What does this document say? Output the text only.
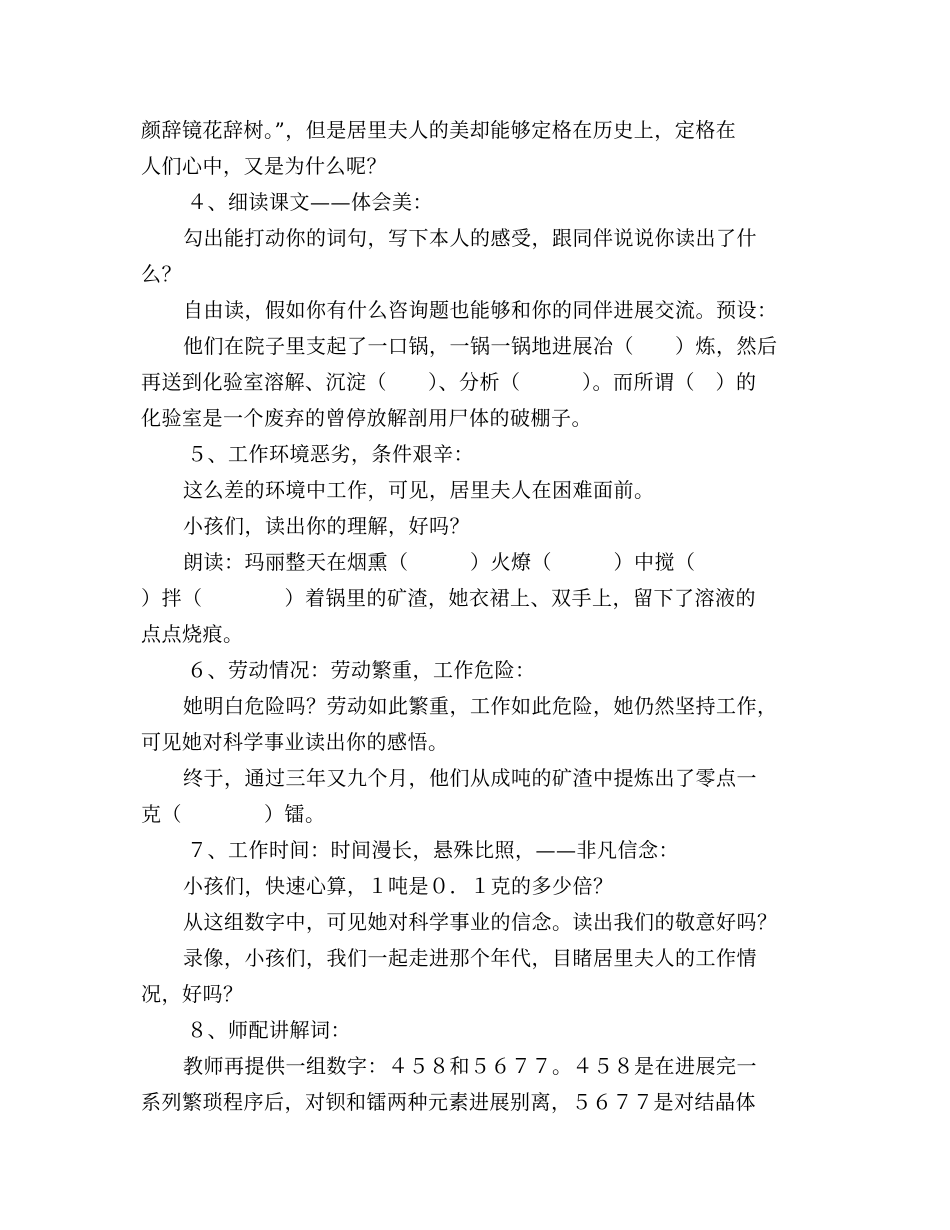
颜辞镜花辞树。”，但是居里夫人的美却能够定格在历史上，定格在
人们心中，又是为什么呢？
４、细读课文——体会美：
勾出能打动你的词句，写下本人的感受，跟同伴说说你读出了什
么？
自由读，假如你有什么咨询题也能够和你的同伴进展交流。预设：
他们在院子里支起了一口锅，一锅一锅地进展冶（　　）炼，然后
再送到化验室溶解、沉淀（　　）、分析（　　　）。而所谓（　）的
化验室是一个废弃的曾停放解剖用尸体的破棚子。
５、工作环境恶劣，条件艰辛：
这么差的环境中工作，可见，居里夫人在困难面前。
小孩们，读出你的理解，好吗？
朗读：玛丽整天在烟熏（　　　）火燎（　　　）中搅（
）拌（　　　　）着锅里的矿渣，她衣裙上、双手上，留下了溶液的
点点烧痕。
６、劳动情况：劳动繁重，工作危险：
她明白危险吗？劳动如此繁重，工作如此危险，她仍然坚持工作，
可见她对科学事业读出你的感悟。
终于，通过三年又九个月，他们从成吨的矿渣中提炼出了零点一
克（　　　　）镭。
７、工作时间：时间漫长，悬殊比照，——非凡信念：
小孩们，快速心算，１吨是０．１克的多少倍？
从这组数字中，可见她对科学事业的信念。读出我们的敬意好吗？
录像，小孩们，我们一起走进那个年代，目睹居里夫人的工作情
况，好吗？
８、师配讲解词：
教师再提供一组数字：４５８和５６７７。４５８是在进展完一
系列繁琐程序后，对钡和镭两种元素进展别离，５６７７是对结晶体
